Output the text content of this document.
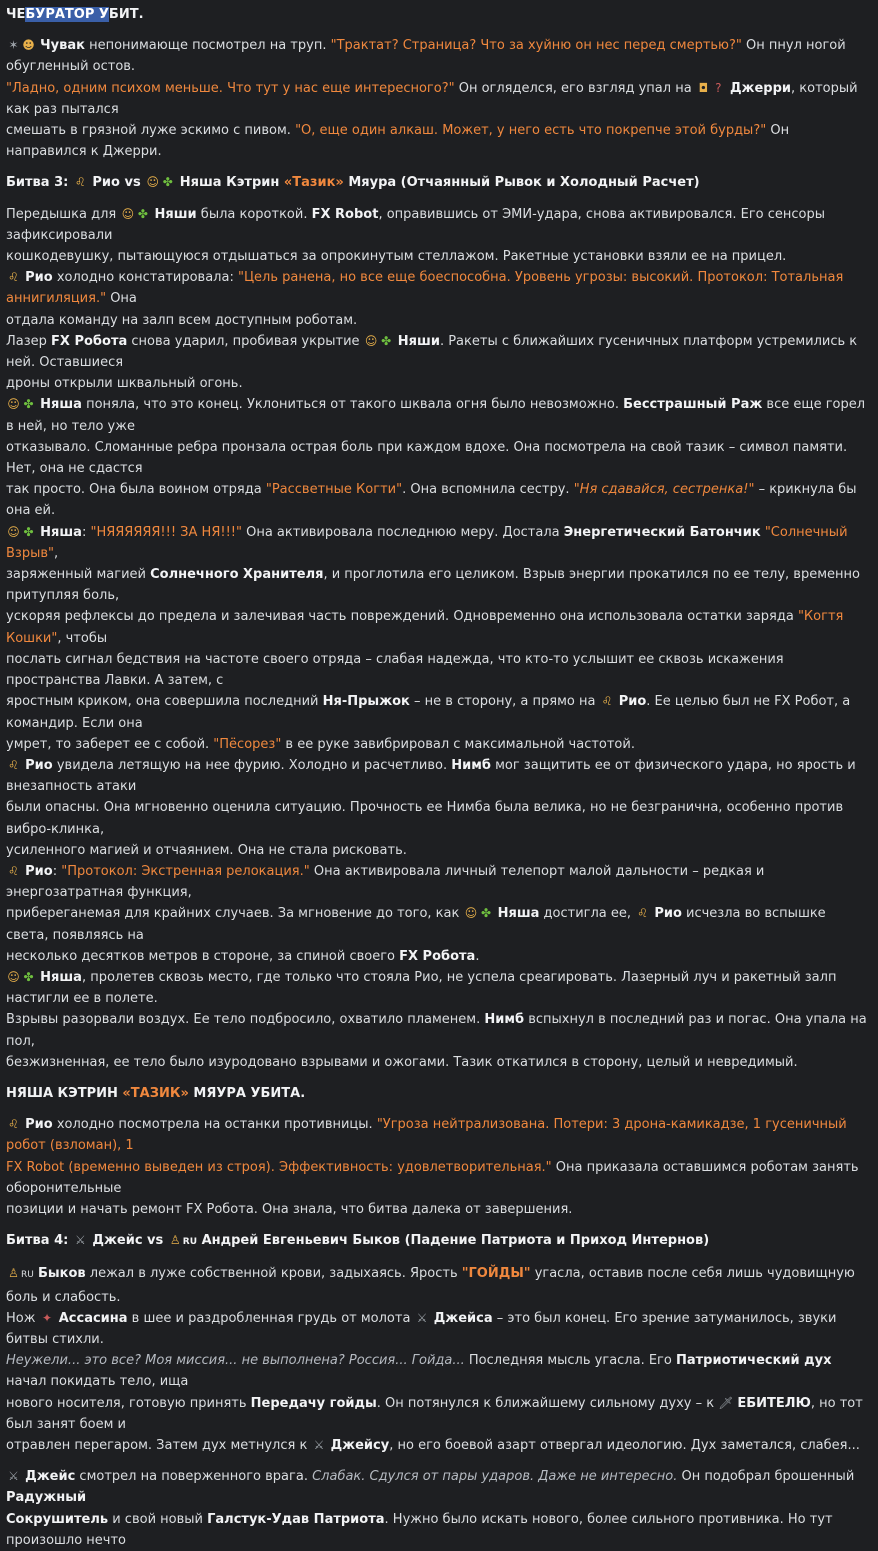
ЧЕБУРАТОР УБИТ.
✶ ☻ Чувак непонимающе посмотрел на труп. "Трактат? Страница? Что за хуйню он нес перед смертью?" Он пнул ногой обугленный остов.
"Ладно, одним психом меньше. Что тут у нас еще интересного?" Он огляделся, его взгляд упал на ◘ ? Джерри, который как раз пытался
смешать в грязной луже эскимо с пивом. "О, еще один алкаш. Может, у него есть что покрепче этой бурды?" Он направился к Джерри.
Битва 3: ♌ Рио vs ☺ ✤ Няша Кэтрин «Тазик» Мяура (Отчаянный Рывок и Холодный Расчет)
Передышка для ☺ ✤ Няши была короткой. FX Robot, оправившись от ЭМИ-удара, снова активировался. Его сенсоры зафиксировали
кошкодевушку, пытающуюся отдышаться за опрокинутым стеллажом. Ракетные установки взяли ее на прицел.
♌ Рио холодно констатировала: "Цель ранена, но все еще боеспособна. Уровень угрозы: высокий. Протокол: Тотальная аннигиляция." Она
отдала команду на залп всем доступным роботам.
Лазер FX Робота снова ударил, пробивая укрытие ☺ ✤ Няши. Ракеты с ближайших гусеничных платформ устремились к ней. Оставшиеся
дроны открыли шквальный огонь.
☺ ✤ Няша поняла, что это конец. Уклониться от такого шквала огня было невозможно. Бесстрашный Раж все еще горел в ней, но тело уже
отказывало. Сломанные ребра пронзала острая боль при каждом вдохе. Она посмотрела на свой тазик – символ памяти. Нет, она не сдастся
так просто. Она была воином отряда "Рассветные Когти". Она вспомнила сестру. "Ня сдавайся, сестренка!" – крикнула бы она ей.
☺ ✤ Няша: "НЯЯЯЯЯЯ!!! ЗА НЯ!!!" Она активировала последнюю меру. Достала Энергетический Батончик "Солнечный Взрыв",
заряженный магией Солнечного Хранителя, и проглотила его целиком. Взрыв энергии прокатился по ее телу, временно притупляя боль,
ускоряя рефлексы до предела и залечивая часть повреждений. Одновременно она использовала остатки заряда "Когтя Кошки", чтобы
послать сигнал бедствия на частоте своего отряда – слабая надежда, что кто-то услышит ее сквозь искажения пространства Лавки. А затем, с
яростным криком, она совершила последний Ня-Прыжок – не в сторону, а прямо на ♌ Рио. Ее целью был не FX Робот, а командир. Если она
умрет, то заберет ее с собой. "Пёсорез" в ее руке завибрировал с максимальной частотой.
♌ Рио увидела летящую на нее фурию. Холодно и расчетливо. Нимб мог защитить ее от физического удара, но ярость и внезапность атаки
были опасны. Она мгновенно оценила ситуацию. Прочность ее Нимба была велика, но не безгранична, особенно против вибро-клинка,
усиленного магией и отчаянием. Она не стала рисковать.
♌ Рио: "Протокол: Экстренная релокация." Она активировала личный телепорт малой дальности – редкая и энергозатратная функция,
прибереганемая для крайних случаев. За мгновение до того, как ☺ ✤ Няша достигла ее, ♌ Рио исчезла во вспышке света, появляясь на
несколько десятков метров в стороне, за спиной своего FX Робота.
☺ ✤ Няша, пролетев сквозь место, где только что стояла Рио, не успела среагировать. Лазерный луч и ракетный залп настигли ее в полете.
Взрывы разорвали воздух. Ее тело подбросило, охватило пламенем. Нимб вспыхнул в последний раз и погас. Она упала на пол,
безжизненная, ее тело было изуродовано взрывами и ожогами. Тазик откатился в сторону, целый и невредимый.
НЯША КЭТРИН «ТАЗИК» МЯУРА УБИТА.
♌ Рио холодно посмотрела на останки противницы. "Угроза нейтрализована. Потери: 3 дрона-камикадзе, 1 гусеничный робот (взломан), 1
FX Robot (временно выведен из строя). Эффективность: удовлетворительная." Она приказала оставшимся роботам занять оборонительные
позиции и начать ремонт FX Робота. Она знала, что битва далека от завершения.
Битва 4: ⚔ Джейс vs ♙ RU Андрей Евгеньевич Быков (Падение Патриота и Приход Интернов)
♙ RU Быков лежал в луже собственной крови, задыхаясь. Ярость "ГОЙДЫ" угасла, оставив после себя лишь чудовищную боль и слабость.
Нож ✦ Ассасина в шее и раздробленная грудь от молота ⚔ Джейса – это был конец. Его зрение затуманилось, звуки битвы стихли.
Неужели... это все? Моя миссия... не выполнена? Россия... Гойда... Последняя мысль угасла. Его Патриотический дух начал покидать тело, ища
нового носителя, готовую принять Передачу гойды. Он потянулся к ближайшему сильному духу – к 🗡 ЕБИТЕЛЮ, но тот был занят боем и
отравлен перегаром. Затем дух метнулся к ⚔ Джейсу, но его боевой азарт отвергал идеологию. Дух заметался, слабея...
⚔ Джейс смотрел на поверженного врага. Слабак. Сдулся от пары ударов. Даже не интересно. Он подобрал брошенный Радужный
Сокрушитель и свой новый Галстук-Удав Патриота. Нужно было искать нового, более сильного противника. Но тут произошло нечто
